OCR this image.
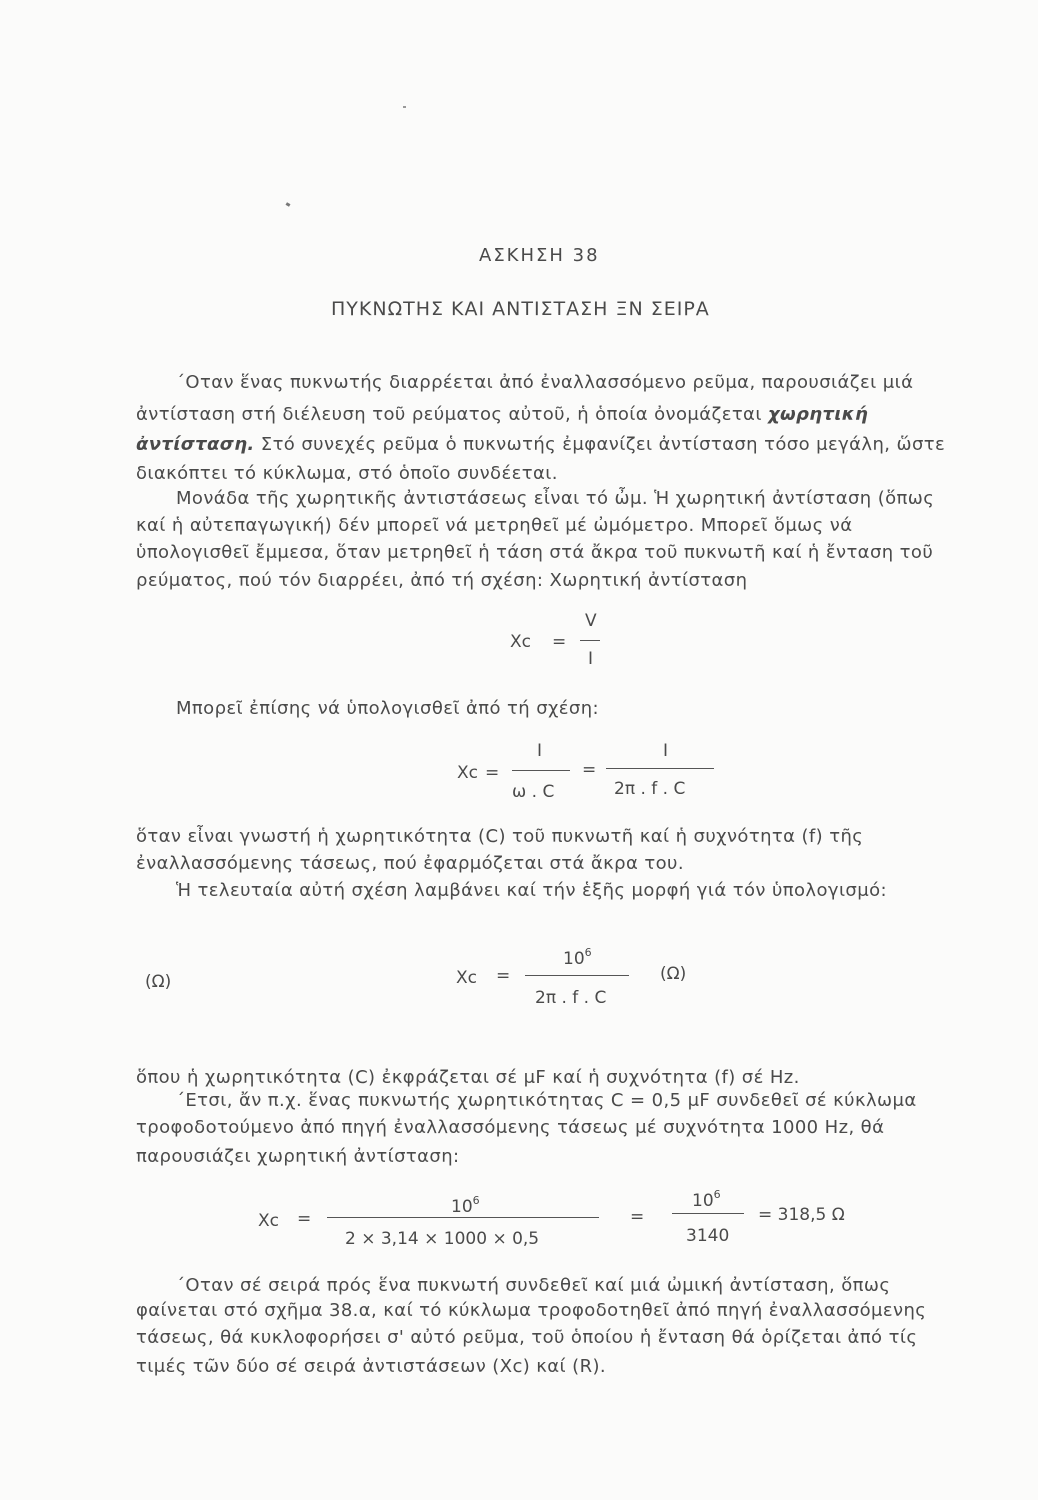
ΑΣΚΗΣΗ 38
ΠΥΚΝΩΤΗΣ ΚΑΙ ΑΝΤΙΣΤΑΣΗ ΞΝ ΣΕΙΡΑ
΄Οταν ἕνας πυκνωτής διαρρέεται ἀπό ἐναλλασσόμενο ρεῦμα, παρουσιάζει μιά
ἀντίσταση στή διέλευση τοῦ ρεύματος αὐτοῦ, ἡ ὁποία ὀνομάζεται χωρητική
ἀντίσταση. Στό συνεχές ρεῦμα ὁ πυκνωτής ἐμφανίζει ἀντίσταση τόσο μεγάλη, ὥστε
διακόπτει τό κύκλωμα, στό ὁποῖο συνδέεται.
Μονάδα τῆς χωρητικῆς ἀντιστάσεως εἶναι τό ὦμ. Ἡ χωρητική ἀντίσταση (ὅπως
καί ἡ αὐτεπαγωγική) δέν μπορεῖ νά μετρηθεῖ μέ ὠμόμετρο. Μπορεῖ ὅμως νά
ὑπολογισθεῖ ἔμμεσα, ὅταν μετρηθεῖ ἡ τάση στά ἄκρα τοῦ πυκνωτῆ καί ἡ ἔνταση τοῦ
ρεύματος, πού τόν διαρρέει, ἀπό τή σχέση: Χωρητική ἀντίσταση
Xc =
V
I
Μπορεῖ ἐπίσης νά ὑπολογισθεῖ ἀπό τή σχέση:
Xc =
I
ω . C
=
I
2π . f . C
ὅταν εἶναι γνωστή ἡ χωρητικότητα (C) τοῦ πυκνωτῆ καί ἡ συχνότητα (f) τῆς
ἐναλλασσόμενης τάσεως, πού ἐφαρμόζεται στά ἄκρα του.
Ἡ τελευταία αὐτή σχέση λαμβάνει καί τήν ἑξῆς μορφή γιά τόν ὑπολογισμό:
(Ω)	Xc =
$10^6$
2π . f . C
(Ω)
ὅπου ἡ χωρητικότητα (C) ἐκφράζεται σέ μF καί ἡ συχνότητα (f) σέ Hz.
΄Ετσι, ἄν π.χ. ἕνας πυκνωτής χωρητικότητας C = 0,5 μF συνδεθεῖ σέ κύκλωμα
τροφοδοτούμενο ἀπό πηγή ἐναλλασσόμενης τάσεως μέ συχνότητα 1000 Hz, θά
παρουσιάζει χωρητική ἀντίσταση:
Xc =
$10^6$
2 × 3,14 × 1000 × 0,5
=
$10^6$
3140
= 318,5 Ω
΄Οταν σέ σειρά πρός ἕνα πυκνωτή συνδεθεῖ καί μιά ὠμική ἀντίσταση, ὅπως
φαίνεται στό σχῆμα 38.α, καί τό κύκλωμα τροφοδοτηθεῖ ἀπό πηγή ἐναλλασσόμενης
τάσεως, θά κυκλοφορήσει σ' αὐτό ρεῦμα, τοῦ ὁποίου ἡ ἔνταση θά ὁρίζεται ἀπό τίς
τιμές τῶν δύο σέ σειρά ἀντιστάσεων (Xc) καί (R).
